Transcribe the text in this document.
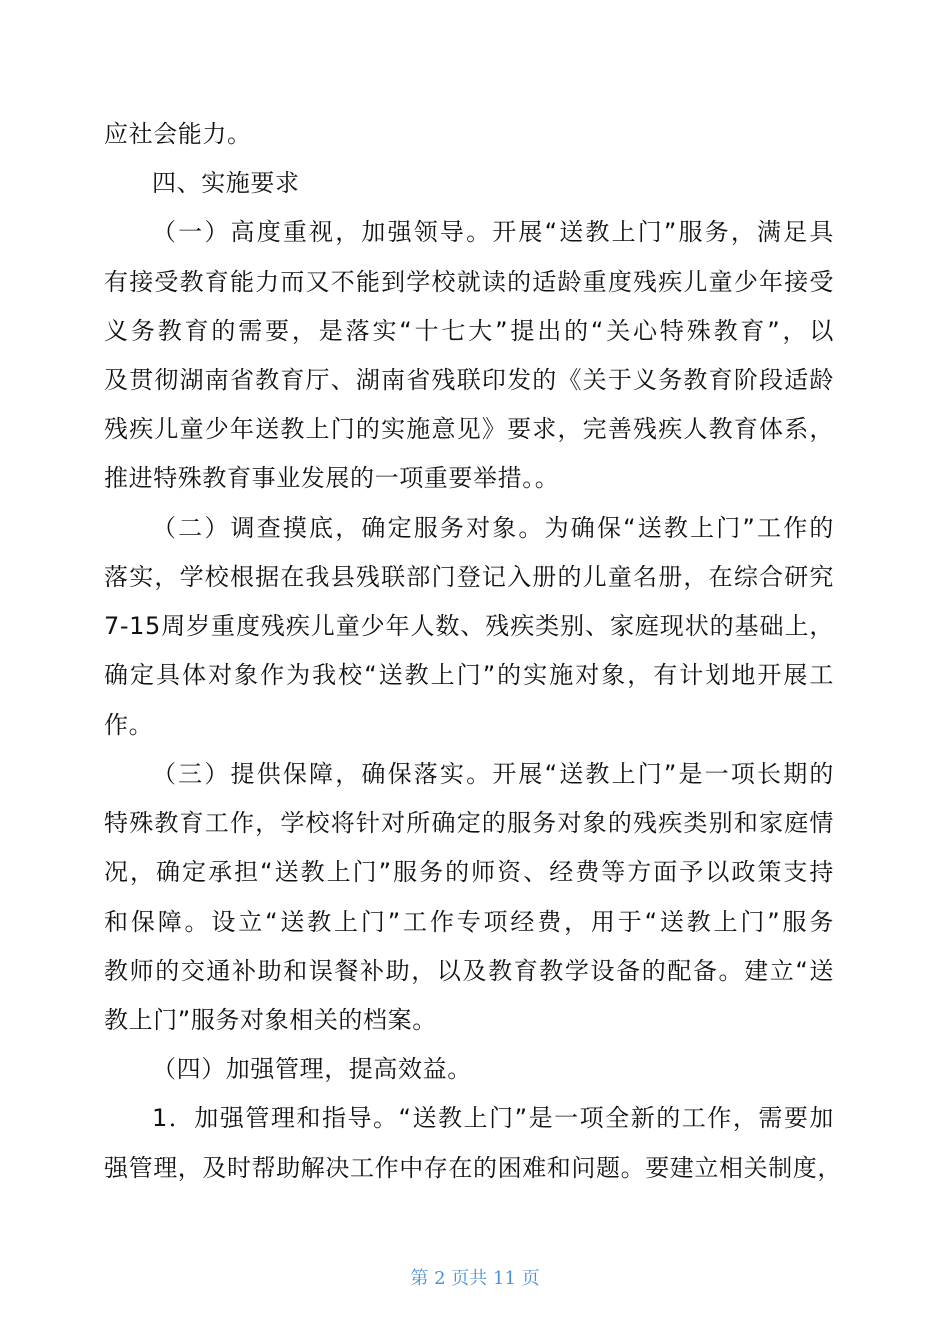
应社会能力。
四、实施要求
（一）高度重视，加强领导。开展“送教上门”服务，满足具
有接受教育能力而又不能到学校就读的适龄重度残疾儿童少年接受
义务教育的需要，是落实“十七大”提出的“关心特殊教育”，以
及贯彻湖南省教育厅、湖南省残联印发的《关于义务教育阶段适龄
残疾儿童少年送教上门的实施意见》要求，完善残疾人教育体系，
推进特殊教育事业发展的一项重要举措。。
（二）调查摸底，确定服务对象。为确保“送教上门”工作的
落实，学校根据在我县残联部门登记入册的儿童名册，在综合研究
7-15周岁重度残疾儿童少年人数、残疾类别、家庭现状的基础上，
确定具体对象作为我校“送教上门”的实施对象，有计划地开展工
作。
（三）提供保障，确保落实。开展“送教上门”是一项长期的
特殊教育工作，学校将针对所确定的服务对象的残疾类别和家庭情
况，确定承担“送教上门”服务的师资、经费等方面予以政策支持
和保障。设立“送教上门”工作专项经费，用于“送教上门”服务
教师的交通补助和误餐补助，以及教育教学设备的配备。建立“送
教上门”服务对象相关的档案。
（四）加强管理，提高效益。
1．加强管理和指导。“送教上门”是一项全新的工作，需要加
强管理，及时帮助解决工作中存在的困难和问题。要建立相关制度，
第 2 页共 11 页
